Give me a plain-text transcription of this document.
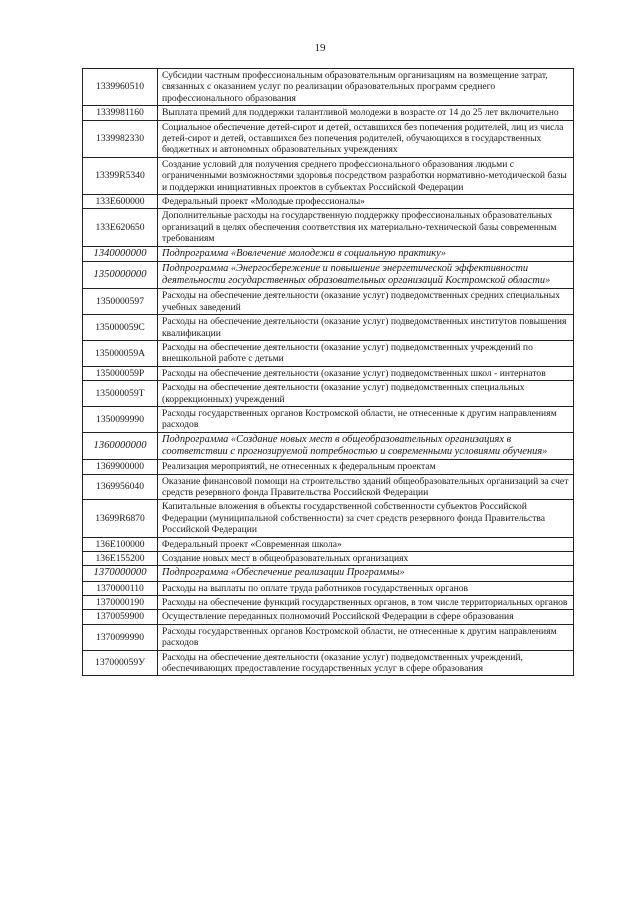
19
1339960510	Субсидии частным профессиональным образовательным организациям на возмещение затрат, связанных с оказанием услуг по реализации образовательных программ среднего профессионального образования
1339981160	Выплата премий для поддержки талантливой молодежи в возрасте от 14 до 25 лет включительно
1339982330	Социальное обеспечение детей-сирот и детей, оставшихся без попечения родителей, лиц из числа детей-сирот и детей, оставшихся без попечения родителей, обучающихся в государственных бюджетных и автономных образовательных учреждениях
13399R5340	Создание условий для получения среднего профессионального образования людьми с ограниченными возможностями здоровья посредством разработки нормативно-методической базы и поддержки инициативных проектов в субъектах Российской Федерации
133E600000	Федеральный проект «Молодые профессионалы»
133E620650	Дополнительные расходы на государственную поддержку профессиональных образовательных организаций в целях обеспечения соответствия их материально-технической базы современным требованиям
1340000000	Подпрограмма «Вовлечение молодежи в социальную практику»
1350000000	Подпрограмма «Энергосбережение и повышение энергетической эффективности деятельности государственных образовательных организаций Костромской области»
1350000597	Расходы на обеспечение деятельности (оказание услуг) подведомственных средних специальных учебных заведений
135000059С	Расходы на обеспечение деятельности (оказание услуг) подведомственных институтов повышения квалификации
135000059А	Расходы на обеспечение деятельности (оказание услуг) подведомственных учреждений по внешкольной работе с детьми
135000059Р	Расходы на обеспечение деятельности (оказание услуг) подведомственных школ - интернатов
135000059Т	Расходы на обеспечение деятельности (оказание услуг) подведомственных специальных (коррекционных) учреждений
1350099990	Расходы государственных органов Костромской области, не отнесенные к другим направлениям расходов
1360000000	Подпрограмма «Создание новых мест в общеобразовательных организациях в соответствии с прогнозируемой потребностью и современными условиями обучения»
1369900000	Реализация мероприятий, не отнесенных к федеральным проектам
1369956040	Оказание финансовой помощи на строительство зданий общеобразовательных организаций за счет средств резервного фонда Правительства Российской Федерации
13699R6870	Капитальные вложения в объекты государственной собственности субъектов Российской Федерации (муниципальной собственности) за счет средств резервного фонда Правительства Российской Федерации
136E100000	Федеральный проект «Современная школа»
136E155200	Создание новых мест в общеобразовательных организациях
1370000000	Подпрограмма «Обеспечение реализации Программы»
1370000110	Расходы на выплаты по оплате труда работников государственных органов
1370000190	Расходы на обеспечение функций государственных органов, в том числе территориальных органов
1370059900	Осуществление переданных полномочий Российской Федерации в сфере образования
1370099990	Расходы государственных органов Костромской области, не отнесенные к другим направлениям расходов
137000059У	Расходы на обеспечение деятельности (оказание услуг) подведомственных учреждений, обеспечивающих предоставление государственных услуг в сфере образования
